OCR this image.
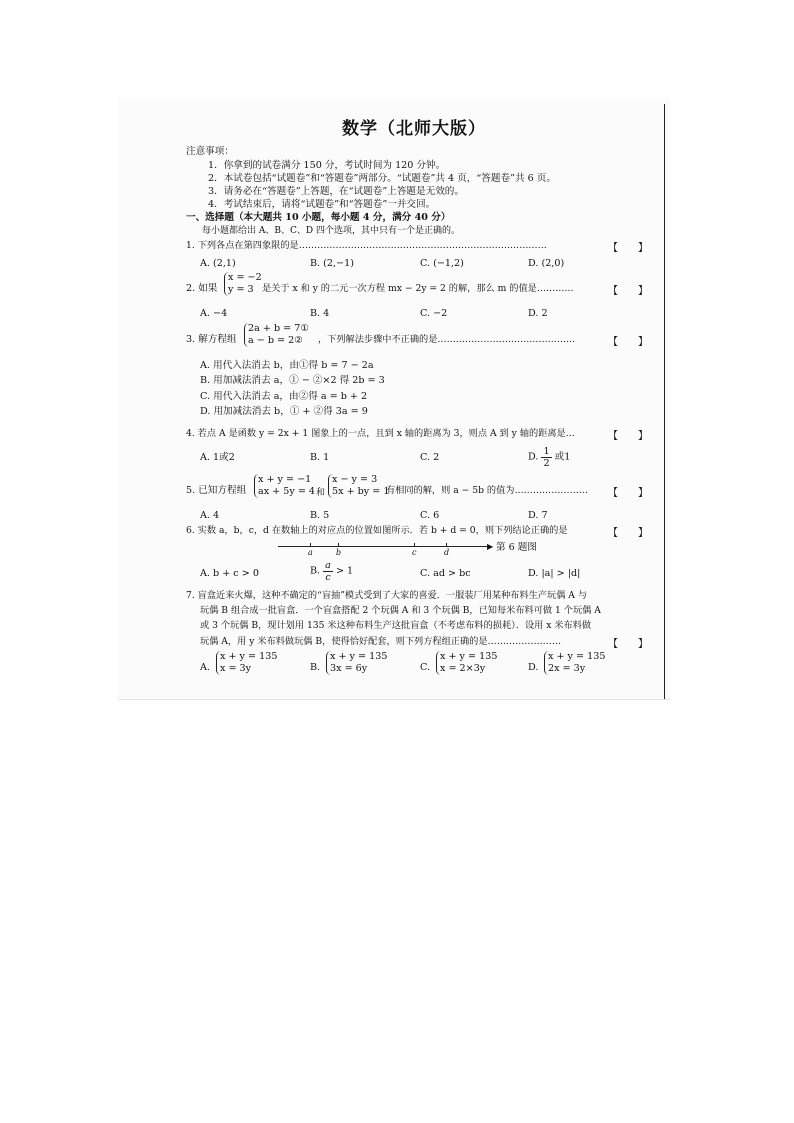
数学（北师大版）
注意事项：
1．你拿到的试卷满分 150 分，考试时间为 120 分钟。
2．本试卷包括“试题卷”和“答题卷”两部分。“试题卷”共 4 页，“答题卷”共 6 页。
3．请务必在“答题卷”上答题，在“试题卷”上答题是无效的。
4．考试结束后，请将“试题卷”和“答题卷”一并交回。
一、选择题（本大题共 10 小题，每小题 4 分，满分 40 分）
每小题都给出 A、B、C、D 四个选项，其中只有一个是正确的。
1. 下列各点在第四象限的是………………………………………………………………………	【　　】
A. (2,1)	B. (2,−1)	C. (−1,2)	D. (2,0)
2. 如果
x = −2
y = 3 是关于 x 和 y 的二元一次方程 mx − 2y = 2 的解，那么 m 的值是…………	【　　】
A. −4	B. 4	C. −2	D. 2
3. 解方程组
2a + b = 7①
a − b = 2②	，下列解法步骤中不正确的是………………………………………	【　　】
A. 用代入法消去 b，由①得 b = 7 − 2a
B. 用加减法消去 a，① − ②×2 得 2b = 3
C. 用代入法消去 a，由②得 a = b + 2
D. 用加减法消去 b，① + ②得 3a = 9
4. 若点 A 是函数 y = 2x + 1 图象上的一点，且到 x 轴的距离为 3，则点 A 到 y 轴的距离是…	【　　】
A. 1或2	B. 1	C. 2	D. $\frac{1}{2}$ 或1
5. 已知方程组
x + y = −1
ax + 5y = 4 和
x − y = 3
5x + by = 1
有相同的解，则 a − 5b 的值为…………………… 【　　】
A. 4	B. 5	C. 6	D. 7
6. 实数 a，b，c，d 在数轴上的对应点的位置如图所示．若 b + d = 0，则下列结论正确的是	【　　】
▶
a	b	c	d	第 6 题图
A. b + c > 0	B. $\frac{a}{c} > 1$	C. ad > bc	D. |a| > |d|
7. 盲盒近来火爆，这种不确定的“盲抽”模式受到了大家的喜爱．一服装厂用某种布料生产玩偶 A 与
玩偶 B 组合成一批盲盒．一个盲盒搭配 2 个玩偶 A 和 3 个玩偶 B，已知每米布料可做 1 个玩偶 A
或 3 个玩偶 B，现计划用 135 米这种布料生产这批盲盒（不考虑布料的损耗）．设用 x 米布料做
玩偶 A，用 y 米布料做玩偶 B，使得恰好配套，则下列方程组正确的是……………………	【　　】
A.
x + y = 135
x = 3y	B.
x + y = 135
3x = 6y	C.
x + y = 135
x = 2×3y	D.
x + y = 135
2x = 3y
